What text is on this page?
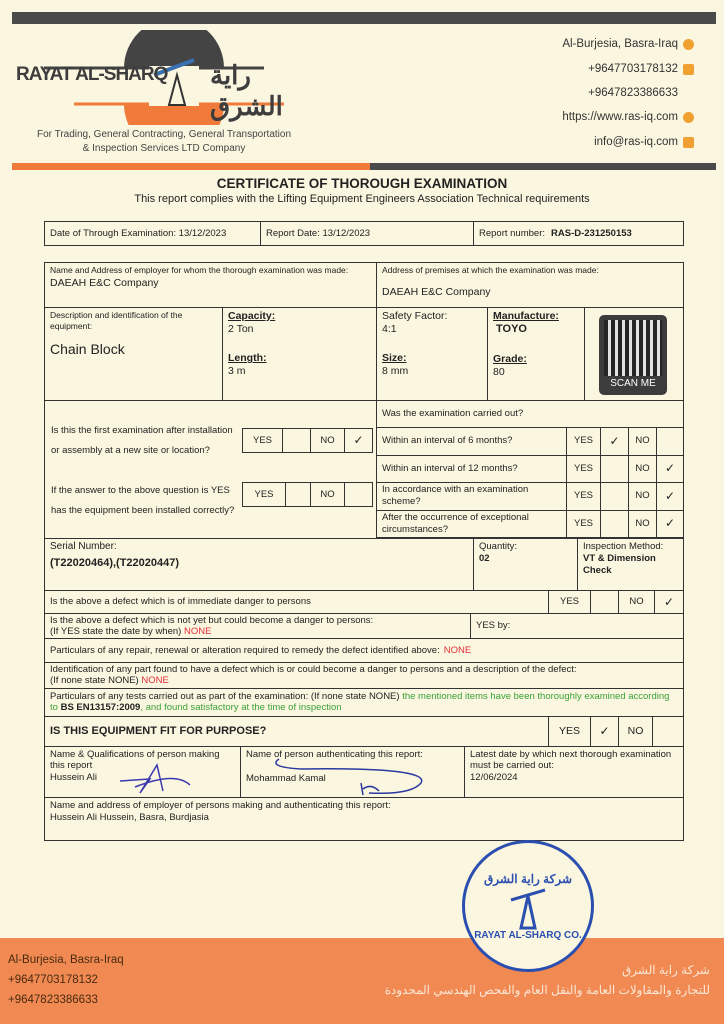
RAYAT AL-SHARQ راية الشرق
For Trading, General Contracting, General Transportation
& Inspection Services LTD Company
Al-Burjesia, Basra-Iraq
+9647703178132
+9647823386633
https://www.ras-iq.com
info@ras-iq.com
CERTIFICATE OF THOROUGH EXAMINATION
This report complies with the Lifting Equipment Engineers Association Technical requirements
Date of Through Examination: 13/12/2023	Report Date: 13/12/2023	Report number: RAS-D-231250153
Name and Address of employer for whom the thorough examination was made:
DAEAH E&C Company
Address of premises at which the examination was made:
DAEAH E&C Company
Description and identification of the equipment:
Chain Block
Capacity:
2 Ton
Length:
3 m
Safety Factor:
4:1
Size:
8 mm
Manufacture:
TOYO
Grade:
80
SCAN ME
Is this the first examination after installation or assembly at a new site or location?
If the answer to the above question is YES has the equipment been installed correctly?
YES	NO	✓
YES	NO
Was the examination carried out?
Within an interval of 6 months?	YES	✓	NO
Within an interval of 12 months?	YES	NO	✓
In accordance with an examination scheme?
YES	NO	✓
After the occurrence of exceptional circumstances?
YES	NO	✓
Serial Number:
(T22020464),(T22020447)
Quantity:
02
Inspection Method:
VT & Dimension Check
Is the above a defect which is of immediate danger to persons	YES	NO	✓
Is the above a defect which is not yet but could become a danger to persons:
(If YES state the date by when) NONE
YES by:
Particulars of any repair, renewal or alteration required to remedy the defect identified above: NONE
Identification of any part found to have a defect which is or could become a danger to persons and a description of the defect:
(If none state NONE) NONE
Particulars of any tests carried out as part of the examination: (If none state NONE) the mentioned items have been thoroughly examined according to BS EN13157:2009, and found satisfactory at the time of inspection
IS THIS EQUIPMENT FIT FOR PURPOSE?	YES	✓	NO
Name & Qualifications of person making this report
Hussein Ali
Name of person authenticating this report:
Mohammad Kamal
Latest date by which next thorough examination must be carried out:
12/06/2024
Name and address of employer of persons making and authenticating this report:
Hussein Ali Hussein, Basra, Burdjasia
Al-Burjesia, Basra-Iraq
+9647703178132
+9647823386633
شركة راية الشرق
للتجارة والمقاولات العامة والنقل العام والفحص الهندسي المحدودة
شركة راية الشرق
RAYAT AL-SHARQ CO.
